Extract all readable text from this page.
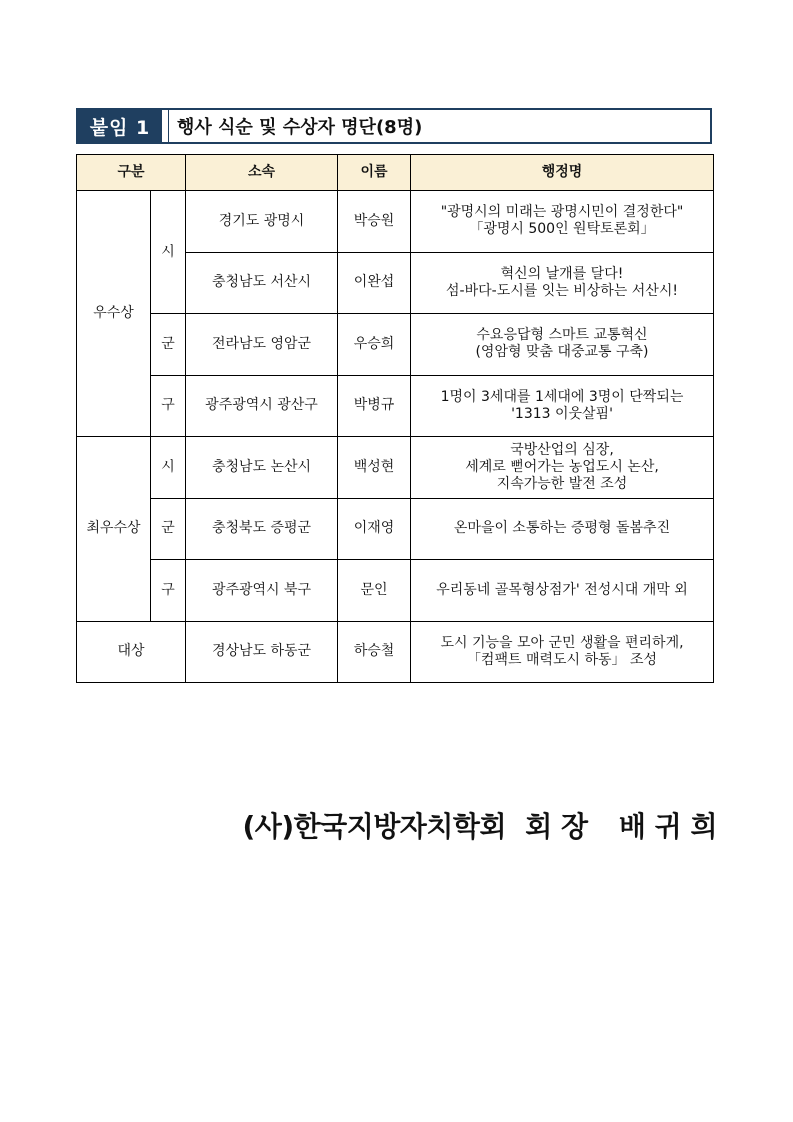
붙임 1	행사 식순 및 수상자 명단(8명)
구분		소속	이름	행정명
우수상	시	경기도 광명시	박승원	"광명시의 미래는 광명시민이 결정한다"
「광명시 500인 원탁토론회」

		충청남도 서산시	이완섭	혁신의 날개를 달다!
섬-바다-도시를 잇는 비상하는 서산시!

	군	전라남도 영암군	우승희	수요응답형 스마트 교통혁신
(영암형 맞춤 대중교통 구축)

	구	광주광역시 광산구	박병규	1명이 3세대를 1세대에 3명이 단짝되는
'1313 이웃살핌'

최우수상	시	충청남도 논산시	백성현	국방산업의 심장,
세계로 뻗어가는 농업도시 논산,
지속가능한 발전 조성

	군	충청북도 증평군	이재영	온마을이 소통하는 증평형 돌봄추진

	구	광주광역시 북구	문인	우리동네 골목형상점가' 전성시대 개막 외

대상		경상남도 하동군	하승철	도시 기능을 모아 군민 생활을 편리하게,
「컴팩트 매력도시 하동」 조성
(사)한국지방자치학회 회 장 배 귀 희
